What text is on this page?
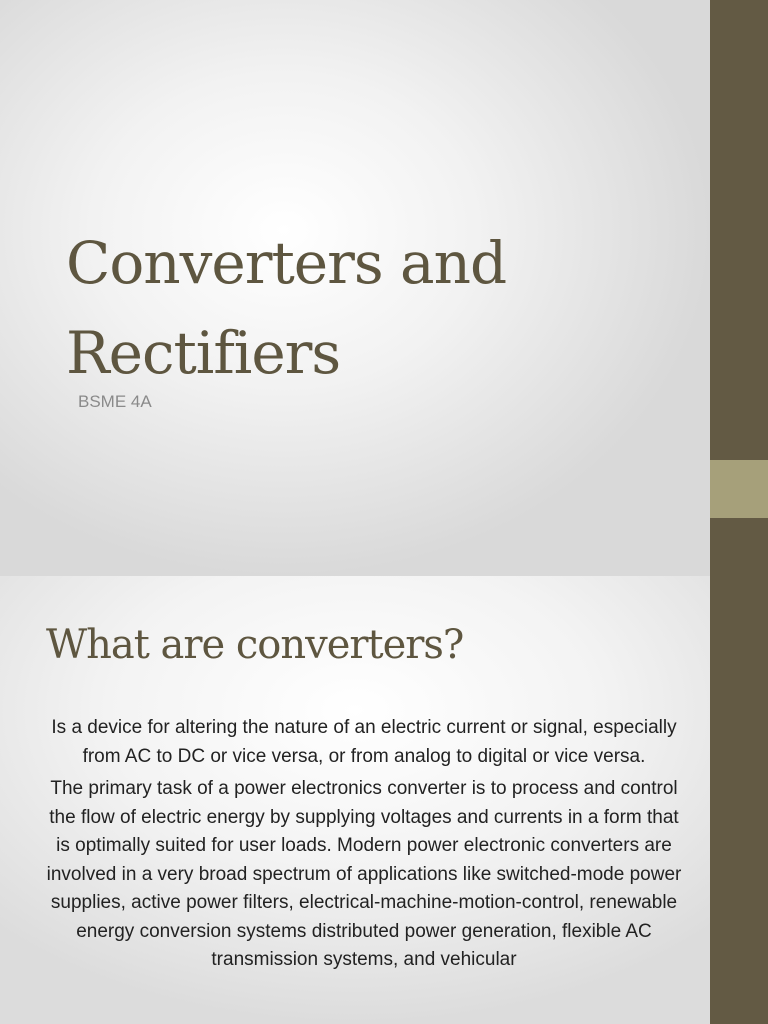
Converters and Rectifiers
BSME 4A
What are converters?

Is a device for altering the nature of an electric current or signal, especially from AC to DC or vice versa, or from analog to digital or vice versa.

The primary task of a power electronics converter is to process and control the flow of electric energy by supplying voltages and currents in a form that is optimally suited for user loads. Modern power electronic converters are involved in a very broad spectrum of applications like switched-mode power supplies, active power filters, electrical-machine-motion-control, renewable energy conversion systems distributed power generation, flexible AC transmission systems, and vehicular
